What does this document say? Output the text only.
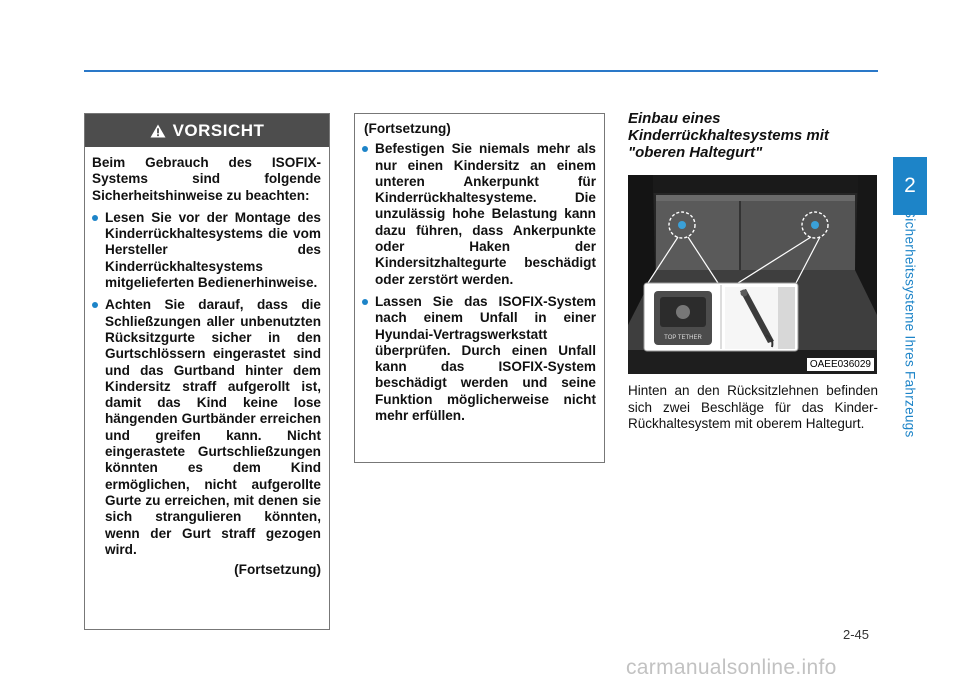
2
Sicherheitssysteme Ihres Fahrzeugs
VORSICHT

Beim Gebrauch des ISOFIX-Systems sind folgende Sicherheitshinweise zu beachten:

Lesen Sie vor der Montage des Kinderrückhaltesystems die vom Hersteller des Kinderrückhaltesystems mitgelieferten Bedienerhinweise.
Achten Sie darauf, dass die Schließzungen aller unbenutzten Rücksitzgurte sicher in den Gurtschlössern eingerastet sind und das Gurtband hinter dem Kindersitz straff aufgerollt ist, damit das Kind keine lose hängenden Gurtbänder erreichen und greifen kann. Nicht eingerastete Gurtschließzungen könnten es dem Kind ermöglichen, nicht aufgerollte Gurte zu erreichen, mit denen sie sich strangulieren könnten, wenn der Gurt straff gezogen wird.
(Fortsetzung)
(Fortsetzung)
Befestigen Sie niemals mehr als nur einen Kindersitz an einem unteren Ankerpunkt für Kinderrückhaltesysteme. Die unzulässig hohe Belastung kann dazu führen, dass Ankerpunkte oder Haken der Kindersitzhaltegurte beschädigt oder zerstört werden.
Lassen Sie das ISOFIX-System nach einem Unfall in einer Hyundai-Vertragswerkstatt überprüfen. Durch einen Unfall kann das ISOFIX-System beschädigt werden und seine Funktion möglicherweise nicht mehr erfüllen.
Einbau eines Kinderrückhaltesystems mit "oberen Haltegurt"
TOP TETHER
OAEE036029
Hinten an den Rücksitzlehnen befinden sich zwei Beschläge für das Kinder-Rückhaltesystem mit oberem Haltegurt.
2-45
carmanualsonline.info
